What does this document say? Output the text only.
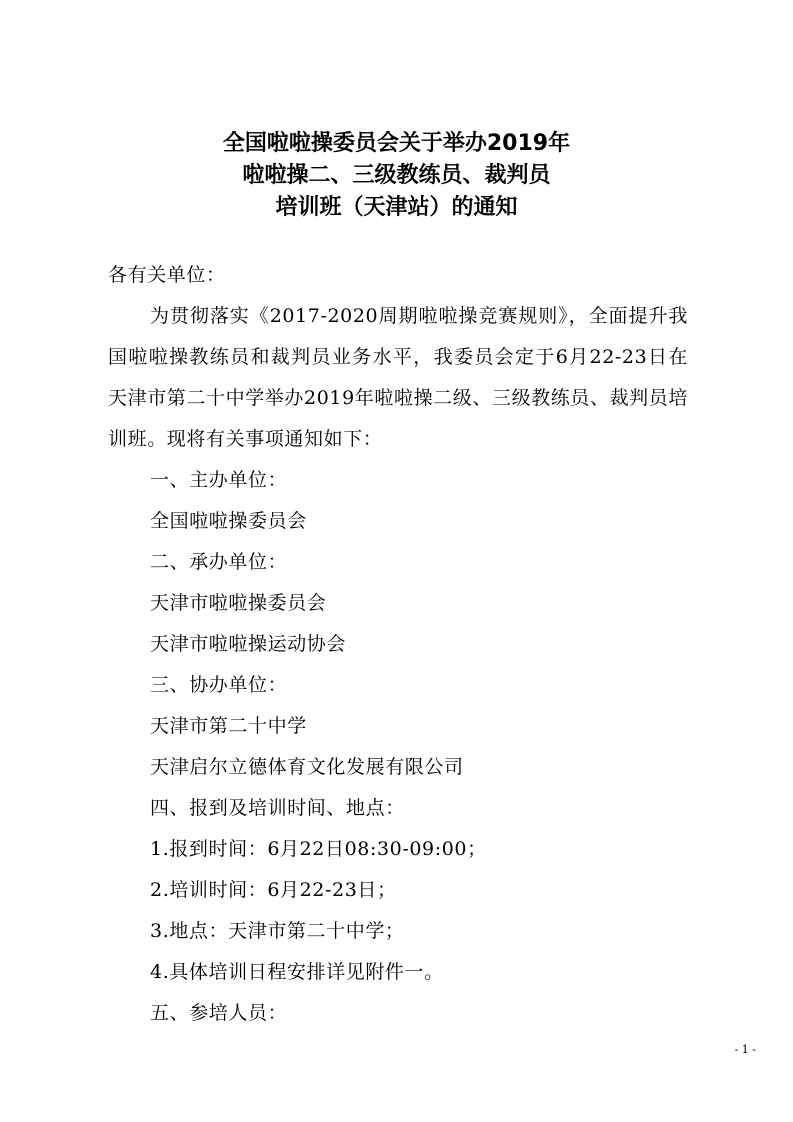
全国啦啦操委员会关于举办2019年
啦啦操二、三级教练员、裁判员
培训班（天津站）的通知

各有关单位：

为贯彻落实《2017-2020周期啦啦操竞赛规则》，全面提升我国啦啦操教练员和裁判员业务水平，我委员会定于6月22-23日在天津市第二十中学举办2019年啦啦操二级、三级教练员、裁判员培训班。现将有关事项通知如下：

一、主办单位：

全国啦啦操委员会

二、承办单位：

天津市啦啦操委员会

天津市啦啦操运动协会

三、协办单位：

天津市第二十中学

天津启尔立德体育文化发展有限公司

四、报到及培训时间、地点：

1.报到时间：6月22日08:30-09:00；

2.培训时间：6月22-23日；

3.地点：天津市第二十中学；

4.具体培训日程安排详见附件一。

五、参培人员：

- 1 -
